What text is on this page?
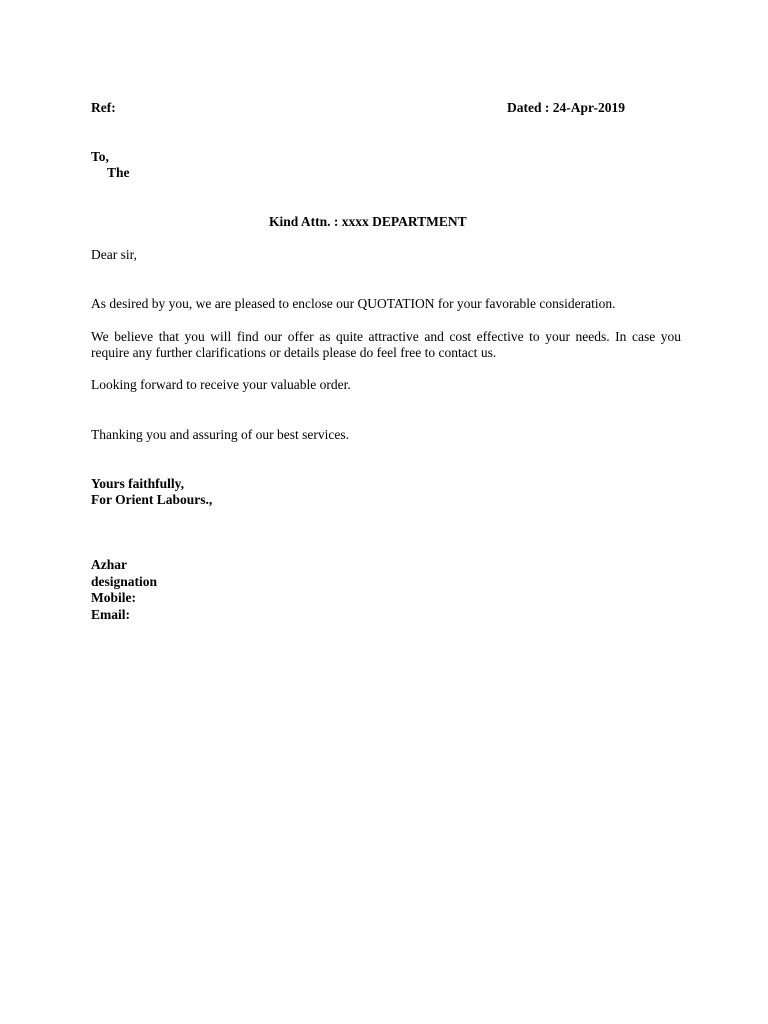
Ref:	Dated : 24-Apr-2019
To,
The
Kind Attn. : xxxx DEPARTMENT
Dear sir,
As desired by you, we are pleased to enclose our QUOTATION for your favorable consideration.
We believe that you will find our offer as quite attractive and cost effective to your needs. In case you require any further clarifications or details please do feel free to contact us.
Looking forward to receive your valuable order.
Thanking you and assuring of our best services.
Yours faithfully,
For Orient Labours.,
Azhar
designation
Mobile:
Email:
